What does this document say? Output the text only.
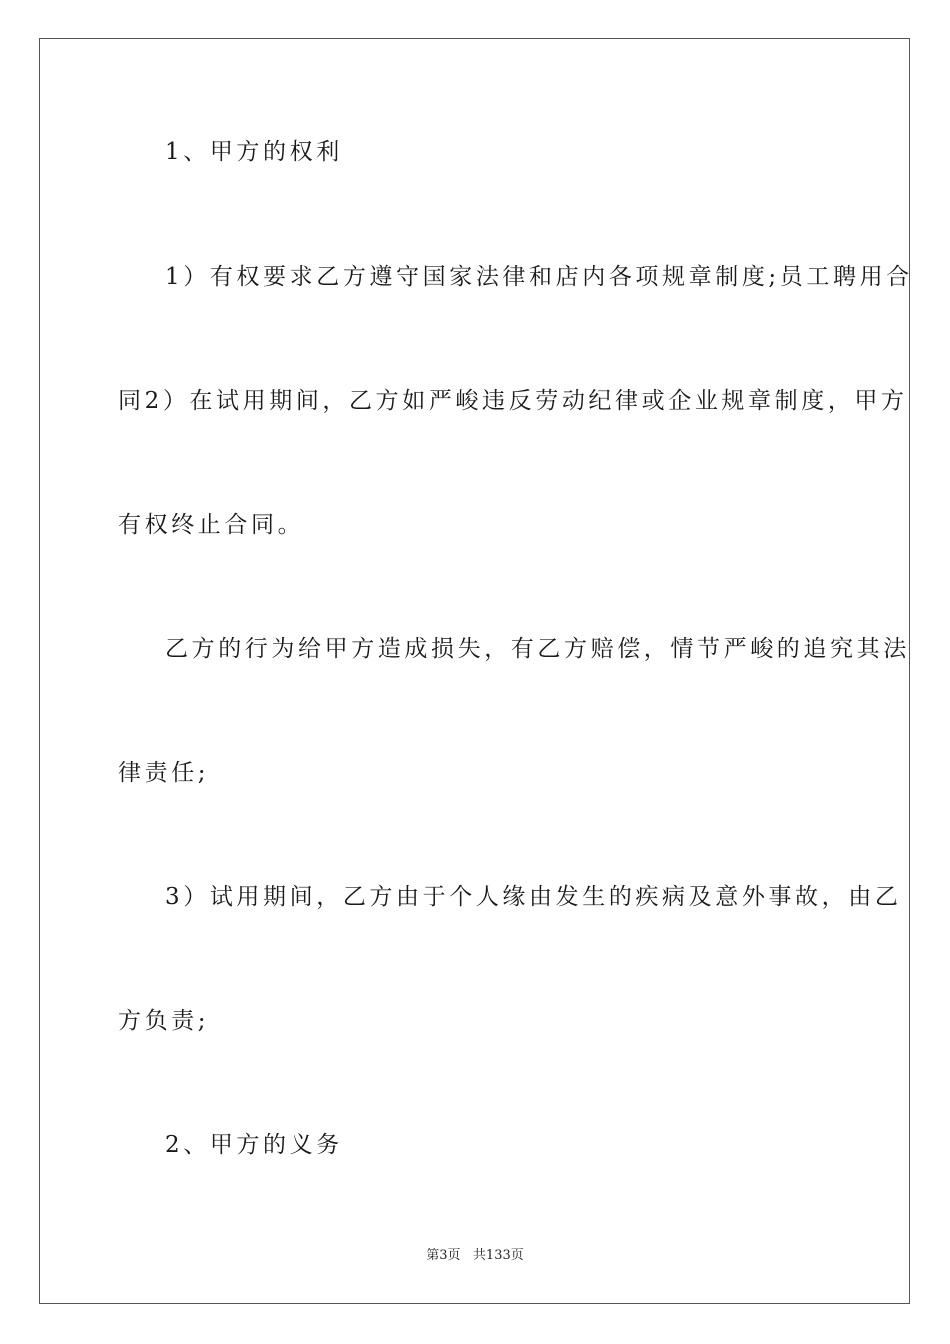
1、甲方的权利
1）有权要求乙方遵守国家法律和店内各项规章制度;员工聘用合
同2）在试用期间，乙方如严峻违反劳动纪律或企业规章制度，甲方
有权终止合同。
乙方的行为给甲方造成损失，有乙方赔偿，情节严峻的追究其法
律责任;
3）试用期间，乙方由于个人缘由发生的疾病及意外事故，由乙
方负责;
2、甲方的义务
第3页 共133页
